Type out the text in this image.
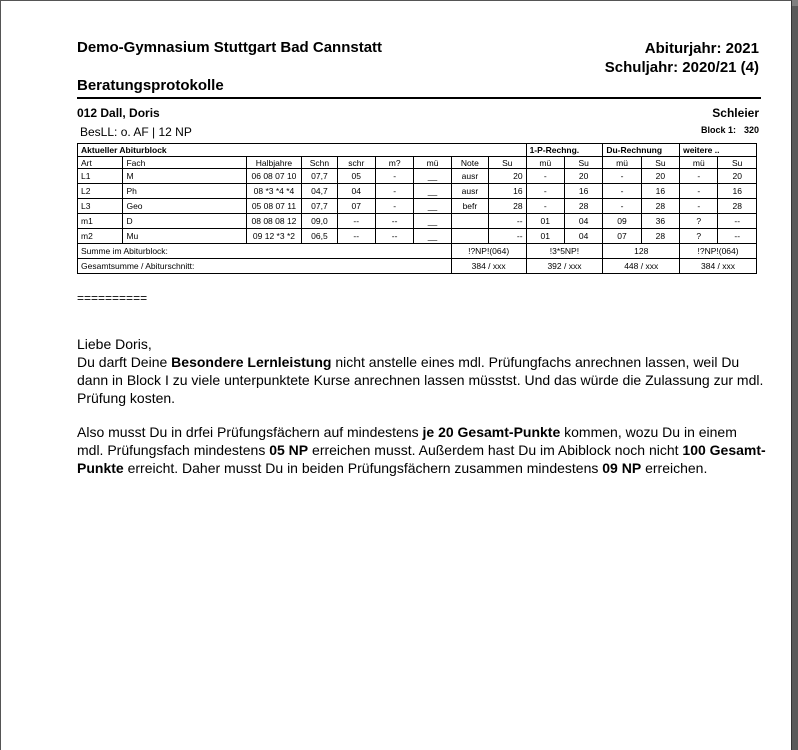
Demo-Gymnasium Stuttgart Bad Cannstatt	Abiturjahr: 2021
Schuljahr: 2020/21 (4)
Beratungsprotokolle
012 Dall, Doris	Schleier
BesLL: o. AF | 12 NP	Block 1: 320
Aktueller Abiturblock									1-P-Rechng.		Du-Rechnung		weitere ..	
Art	Fach	Halbjahre	Schn	schr	m?	mü	Note	Su	mü	Su	mü	Su	mü	Su
L1	M	06 08 07 10	07,7	05	-	__	ausr	20	-	20	-	20	-	20
L2	Ph	08 *3 *4 *4	04,7	04	-	__	ausr	16	-	16	-	16	-	16
L3	Geo	05 08 07 11	07,7	07	-	__	befr	28	-	28	-	28	-	28
m1	D	08 08 08 12	09,0	--	--	__		--	01	04	09	36	?	--
m2	Mu	09 12 *3 *2	06,5	--	--	__		--	01	04	07	28	?	--
Summe im Abiturblock:							!?NP!(064)		!3*5NP!		128		!?NP!(064)	
Gesamtsumme / Abiturschnitt:							384 / xxx		392 / xxx		448 / xxx		384 / xxx	
==========

Liebe Doris,
Du darft Deine Besondere Lernleistung nicht anstelle eines mdl. Prüfungfachs anrechnen lassen, weil Du dann in Block I zu viele unterpunktete Kurse anrechnen lassen müsstst. Und das würde die Zulassung zur mdl. Prüfung kosten.

Also musst Du in drfei Prüfungsfächern auf mindestens je 20 Gesamt-Punkte kommen, wozu Du in einem mdl. Prüfungsfach mindestens 05 NP erreichen musst. Außerdem hast Du im Abiblock noch nicht 100 Gesamt-Punkte erreicht. Daher musst Du in beiden Prüfungsfächern zusammen mindestens 09 NP erreichen.
